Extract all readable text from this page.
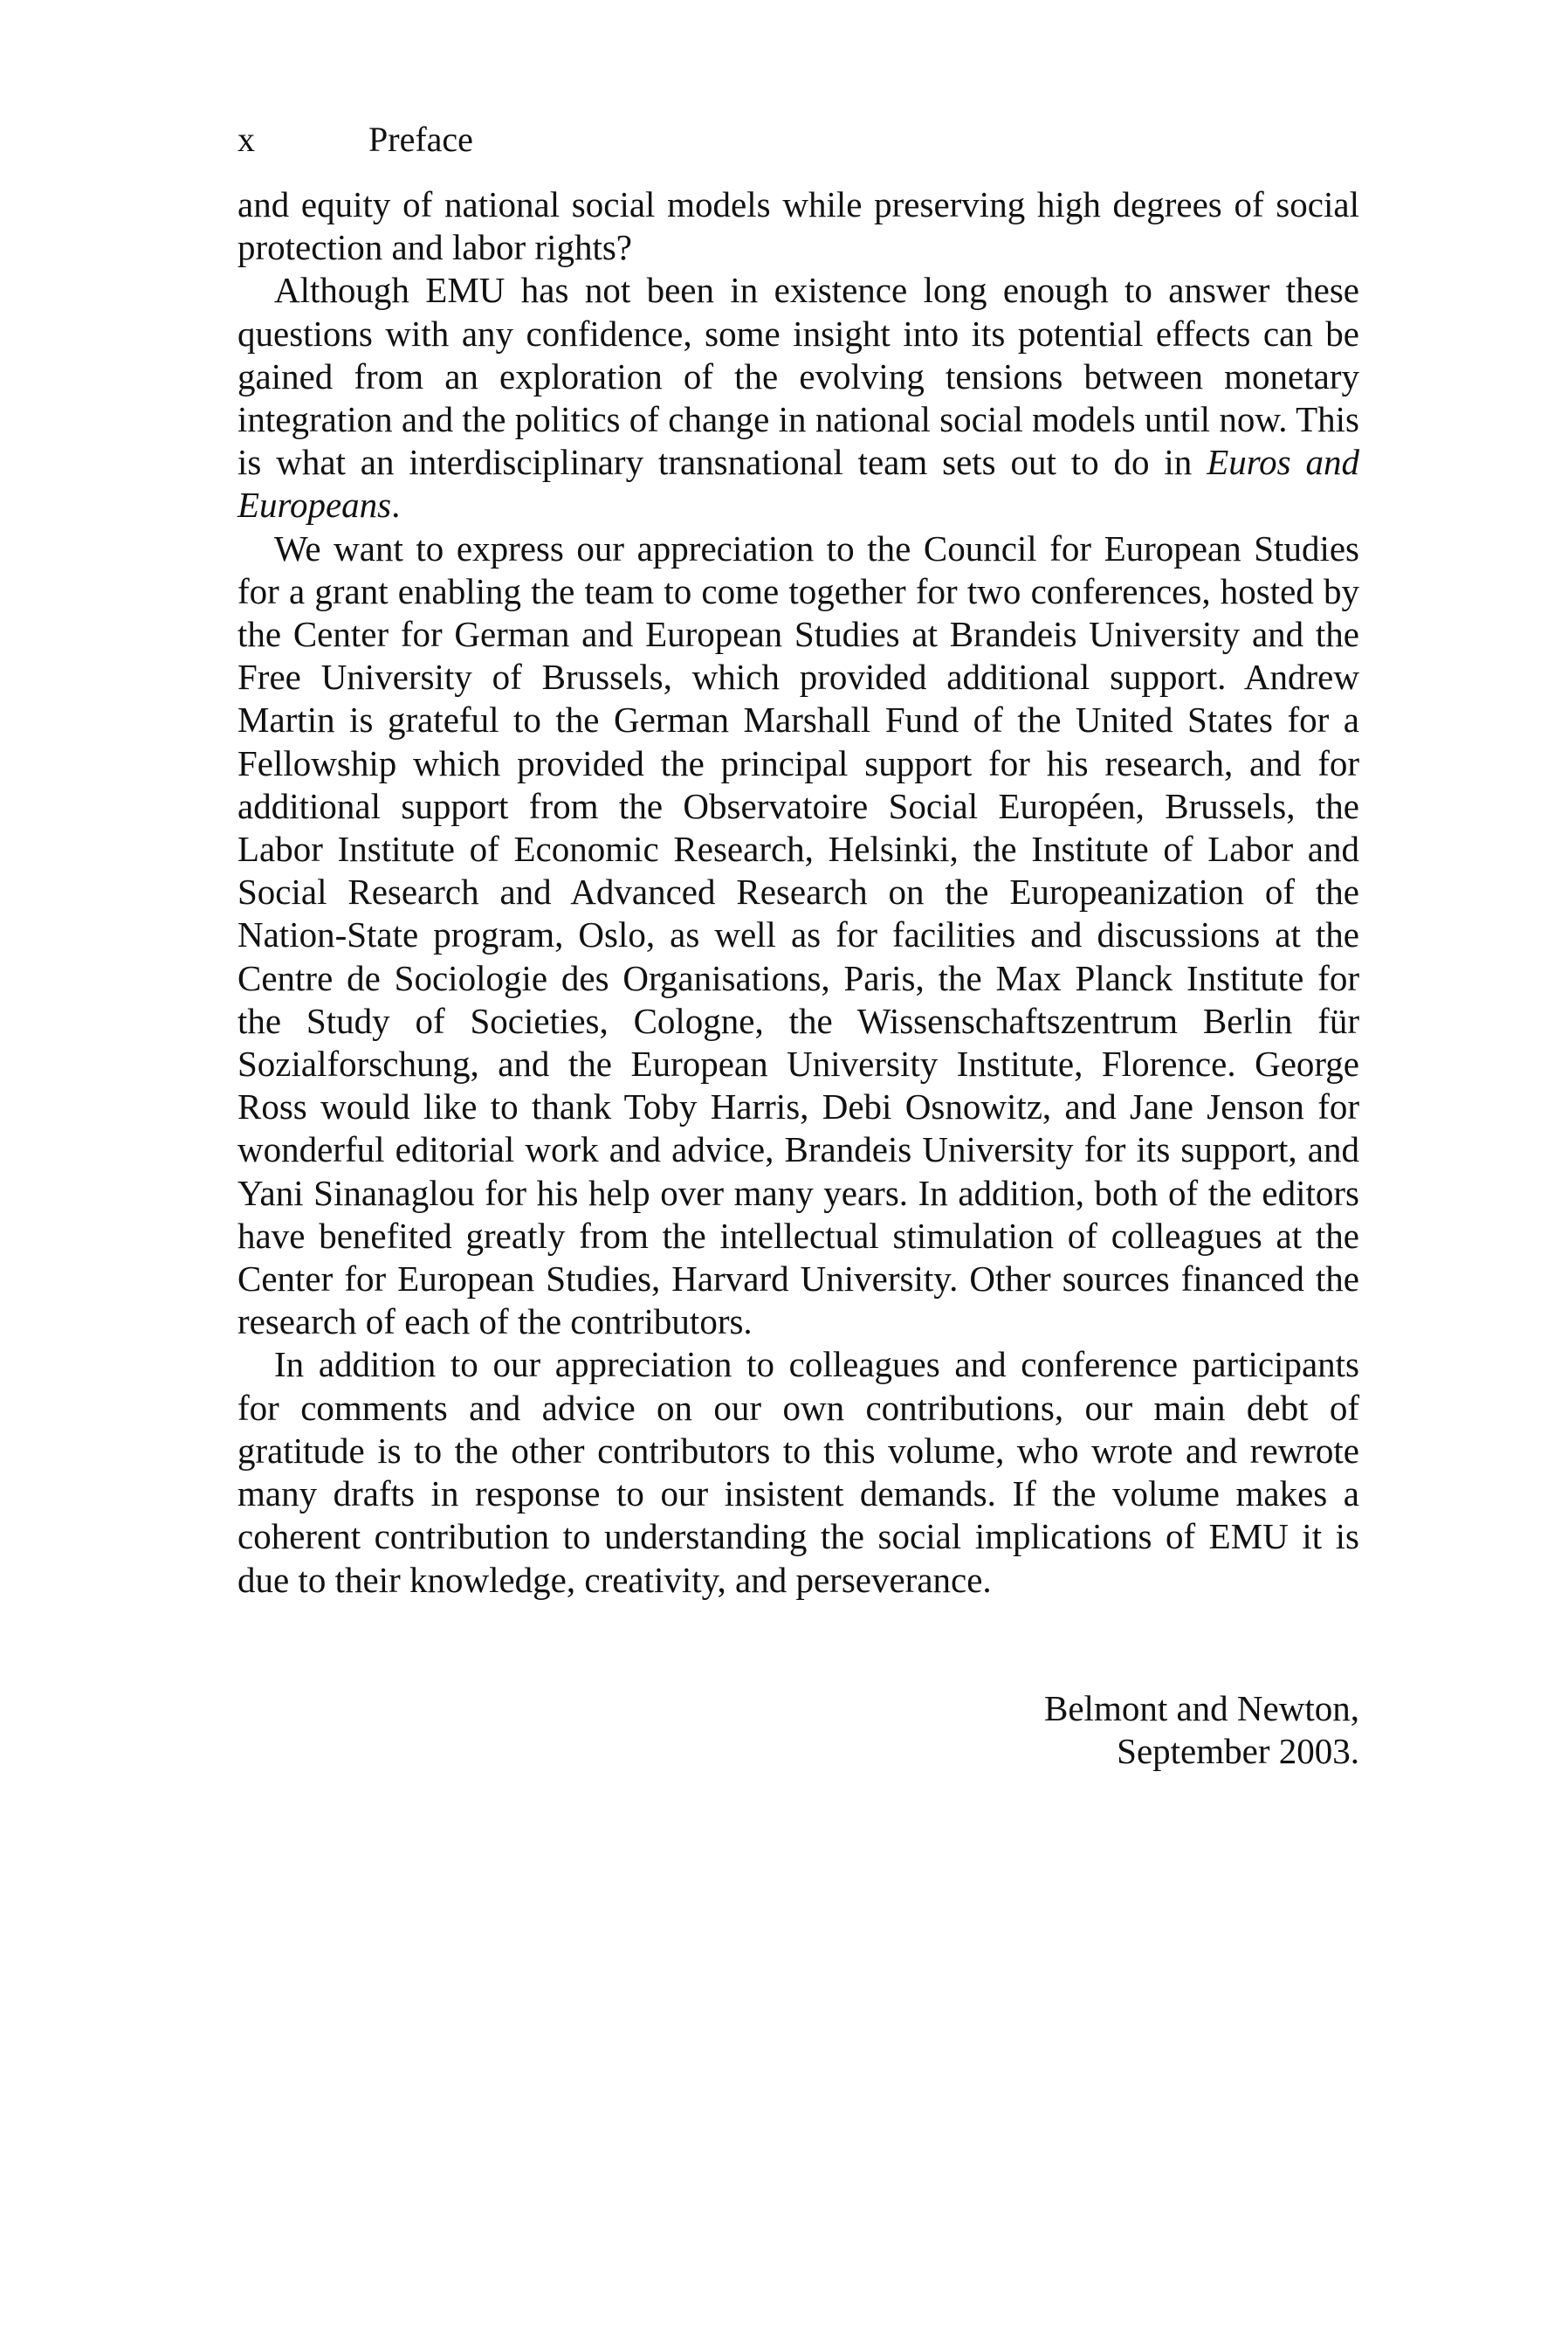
x	Preface

and equity of national social models while preserving high degrees of social protection and labor rights?

Although EMU has not been in existence long enough to answer these questions with any confidence, some insight into its potential effects can be gained from an exploration of the evolving tensions between monetary integration and the politics of change in national social models until now. This is what an interdisciplinary transnational team sets out to do in Euros and Europeans.

We want to express our appreciation to the Council for European Studies for a grant enabling the team to come together for two conferences, hosted by the Center for German and European Studies at Brandeis University and the Free University of Brussels, which provided additional support. Andrew Martin is grateful to the German Marshall Fund of the United States for a Fellowship which provided the principal support for his research, and for additional support from the Observatoire Social Européen, Brussels, the Labor Institute of Economic Research, Helsinki, the Institute of Labor and Social Research and Advanced Research on the Europeanization of the Nation-State program, Oslo, as well as for facilities and discussions at the Centre de Sociologie des Organisations, Paris, the Max Planck Institute for the Study of Societies, Cologne, the Wissenschaftszentrum Berlin für Sozialforschung, and the European University Institute, Florence. George Ross would like to thank Toby Harris, Debi Osnowitz, and Jane Jenson for wonderful editorial work and advice, Brandeis University for its support, and Yani Sinanaglou for his help over many years. In addition, both of the editors have benefited greatly from the intellectual stimulation of colleagues at the Center for European Studies, Harvard University. Other sources financed the research of each of the contributors.

In addition to our appreciation to colleagues and conference participants for comments and advice on our own contributions, our main debt of gratitude is to the other contributors to this volume, who wrote and rewrote many drafts in response to our insistent demands. If the volume makes a coherent contribution to understanding the social implications of EMU it is due to their knowledge, creativity, and perseverance.

Belmont and Newton,
September 2003.
